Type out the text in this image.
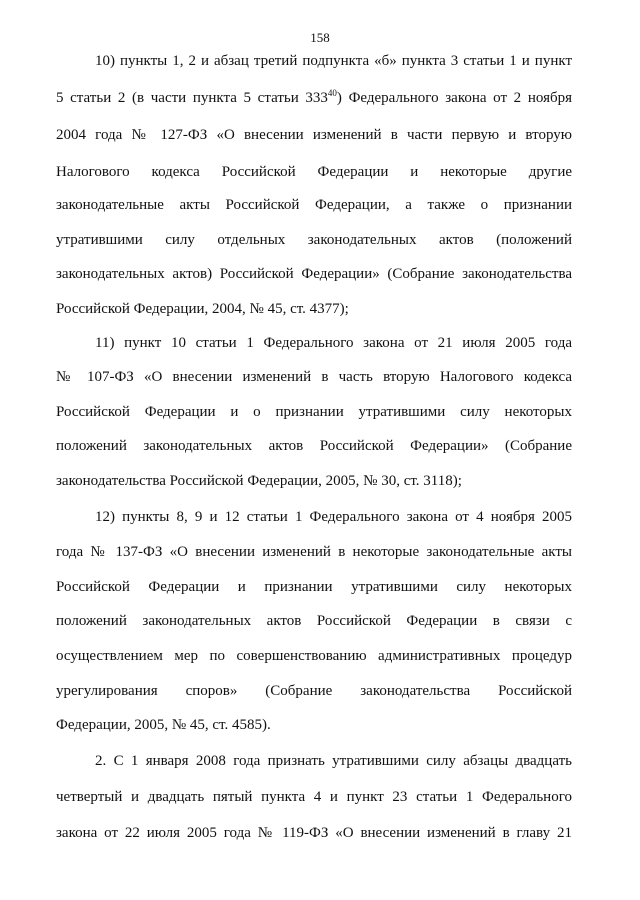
158
10) пункты 1, 2 и абзац третий подпункта «б» пункта 3 статьи 1 и пункт
5 статьи 2 (в части пункта 5 статьи $333^{40}$) Федерального закона от 2 ноября
2004 года № 127-ФЗ «О внесении изменений в части первую и вторую
Налогового кодекса Российской Федерации и некоторые другие
законодательные акты Российской Федерации, а также о признании
утратившими силу отдельных законодательных актов (положений
законодательных актов) Российской Федерации» (Собрание законодательства
Российской Федерации, 2004, № 45, ст. 4377);
11) пункт 10 статьи 1 Федерального закона от 21 июля 2005 года
№ 107-ФЗ «О внесении изменений в часть вторую Налогового кодекса
Российской Федерации и о признании утратившими силу некоторых
положений законодательных актов Российской Федерации» (Собрание
законодательства Российской Федерации, 2005, № 30, ст. 3118);
12) пункты 8, 9 и 12 статьи 1 Федерального закона от 4 ноября 2005
года № 137-ФЗ «О внесении изменений в некоторые законодательные акты
Российской Федерации и признании утратившими силу некоторых
положений законодательных актов Российской Федерации в связи с
осуществлением мер по совершенствованию административных процедур
урегулирования споров» (Собрание законодательства Российской
Федерации, 2005, № 45, ст. 4585).
2. С 1 января 2008 года признать утратившими силу абзацы двадцать
четвертый и двадцать пятый пункта 4 и пункт 23 статьи 1 Федерального
закона от 22 июля 2005 года № 119-ФЗ «О внесении изменений в главу 21
